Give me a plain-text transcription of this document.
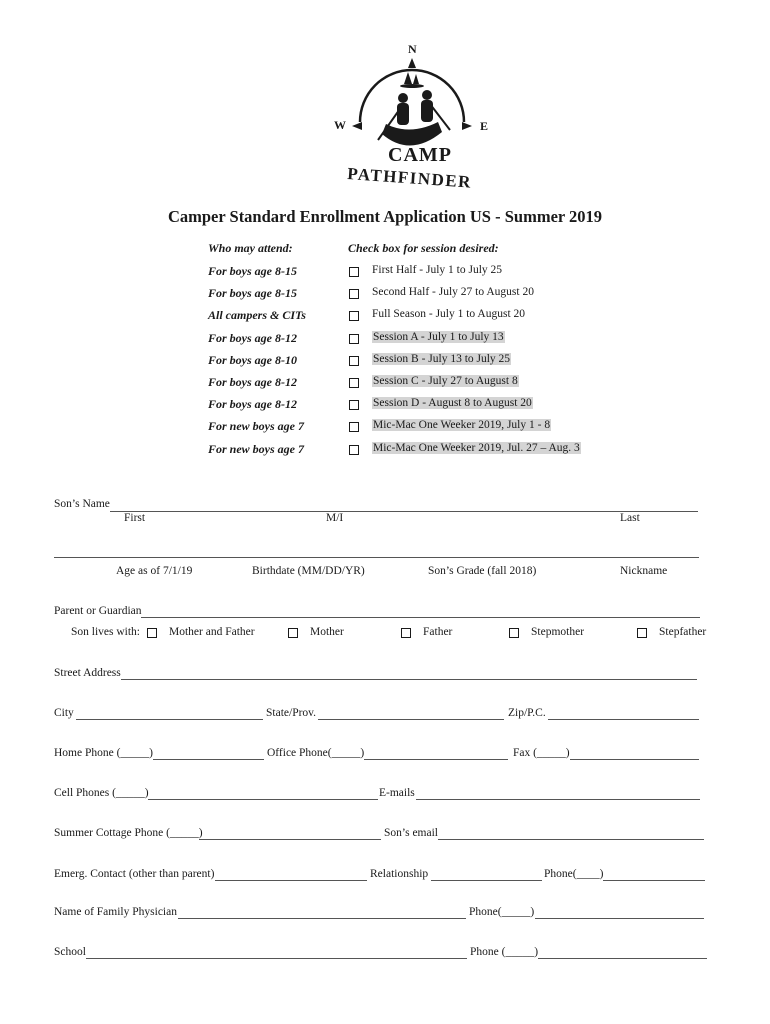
N
W	E
CAMP
PATHFINDER
Camper Standard Enrollment Application US - Summer 2019
Who may attend:	Check box for session desired:
For boys age 8-15	First Half - July 1 to July 25
For boys age 8-15	Second Half - July 27 to August 20
All campers & CITs	Full Season - July 1 to August 20
For boys age 8-12	Session A - July 1 to July 13
For boys age 8-10	Session B - July 13 to July 25
For boys age 8-12	Session C - July 27 to August 8
For boys age 8-12	Session D - August 8 to August 20
For new boys age 7	Mic-Mac One Weeker 2019, July 1 - 8
For new boys age 7	Mic-Mac One Weeker 2019, Jul. 27 – Aug. 3
Son’s Name
First	M/I	Last
Age as of 7/1/19	Birthdate (MM/DD/YR)	Son’s Grade (fall 2018)	Nickname
Parent or Guardian
Son lives with:	Mother and Father	Mother	Father	Stepmother	Stepfather
Street Address
City	State/Prov.	Zip/P.C.
Home Phone (_____)	Office Phone(_____)	Fax (_____)
Cell Phones (_____)	E-mails
Summer Cottage Phone (_____)	Son’s email
Emerg. Contact (other than parent)	Relationship	Phone(____)
Name of Family Physician	Phone(_____)
School	Phone (_____)
